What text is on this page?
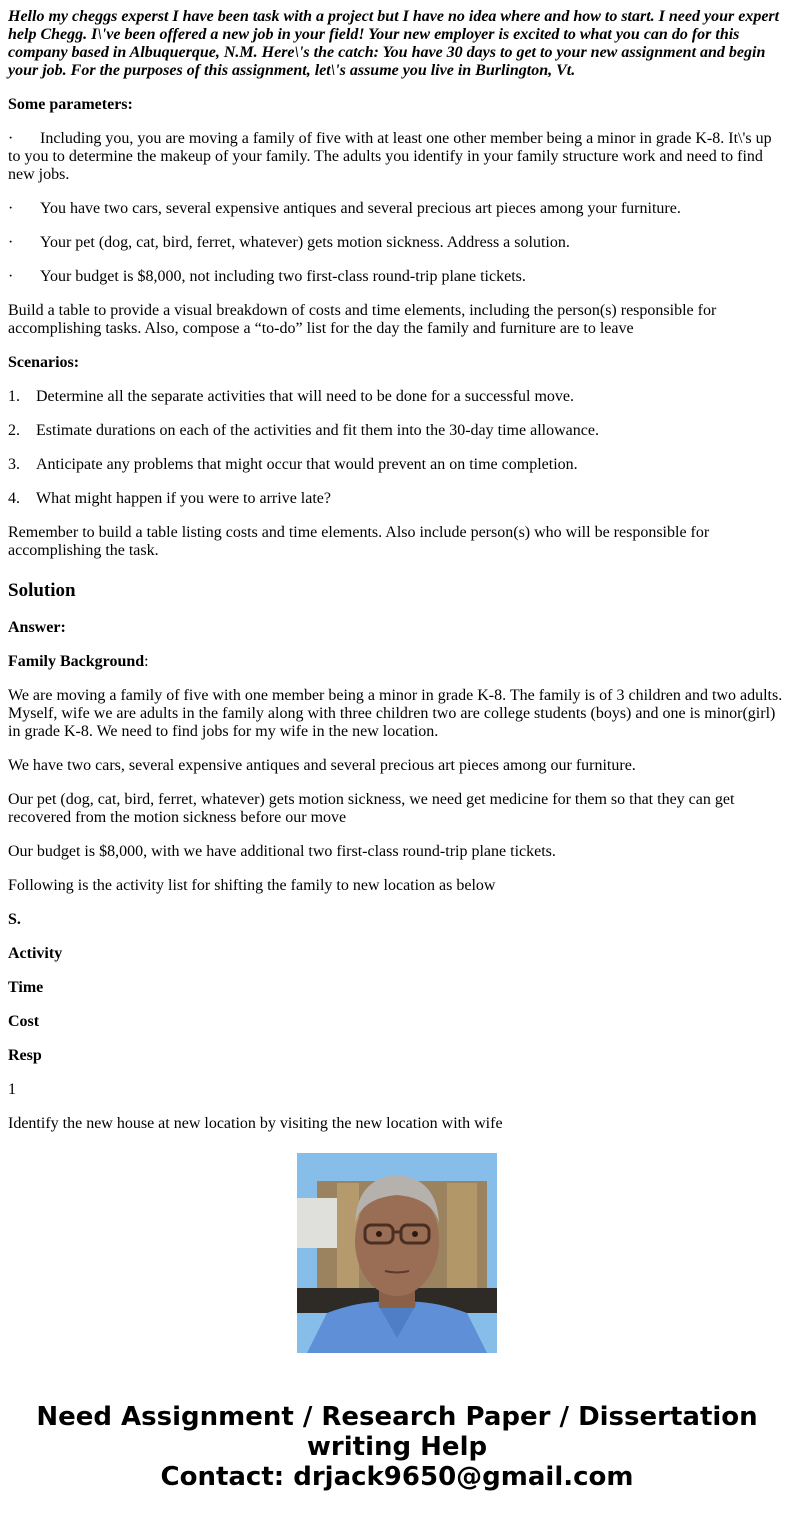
Hello my cheggs experst I have been task with a project but I have no idea where and how to start. I need your expert help Chegg. I\'ve been offered a new job in your field! Your new employer is excited to what you can do for this company based in Albuquerque, N.M. Here\'s the catch: You have 30 days to get to your new assignment and begin your job. For the purposes of this assignment, let\'s assume you live in Burlington, Vt.

Some parameters:

· Including you, you are moving a family of five with at least one other member being a minor in grade K-8. It\'s up to you to determine the makeup of your family. The adults you identify in your family structure work and need to find new jobs.

· You have two cars, several expensive antiques and several precious art pieces among your furniture.

· Your pet (dog, cat, bird, ferret, whatever) gets motion sickness. Address a solution.

· Your budget is $8,000, not including two first-class round-trip plane tickets.

Build a table to provide a visual breakdown of costs and time elements, including the person(s) responsible for accomplishing tasks. Also, compose a “to-do” list for the day the family and furniture are to leave

Scenarios:

1. Determine all the separate activities that will need to be done for a successful move.

2. Estimate durations on each of the activities and fit them into the 30-day time allowance.

3. Anticipate any problems that might occur that would prevent an on time completion.

4. What might happen if you were to arrive late?

Remember to build a table listing costs and time elements. Also include person(s) who will be responsible for accomplishing the task.

Solution

Answer:

Family Background:

We are moving a family of five with one member being a minor in grade K-8. The family is of 3 children and two adults. Myself, wife we are adults in the family along with three children two are college students (boys) and one is minor(girl) in grade K-8. We need to find jobs for my wife in the new location.

We have two cars, several expensive antiques and several precious art pieces among our furniture.

Our pet (dog, cat, bird, ferret, whatever) gets motion sickness, we need get medicine for them so that they can get recovered from the motion sickness before our move

Our budget is $8,000, with we have additional two first-class round-trip plane tickets.

Following is the activity list for shifting the family to new location as below

S.

Activity

Time

Cost

Resp

1

Identify the new house at new location by visiting the new location with wife

Need Assignment / Research Paper / Dissertation
writing Help
Contact: drjack9650@gmail.com
